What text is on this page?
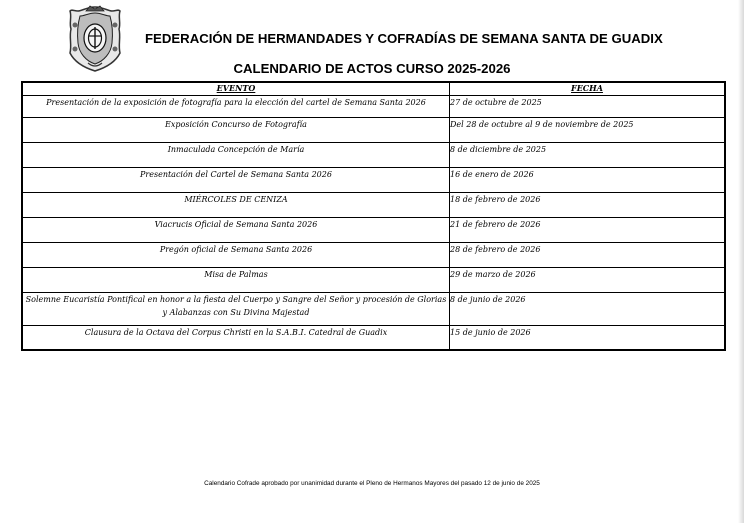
FEDERACIÓN DE HERMANDADES Y COFRADÍAS DE SEMANA SANTA DE GUADIX
CALENDARIO DE ACTOS CURSO 2025-2026
EVENTO	FECHA
Presentación de la exposición de fotografía para la elección del cartel de Semana Santa 2026	27 de octubre de 2025
Exposición Concurso de Fotografía	Del 28 de octubre al 9 de noviembre de 2025
Inmaculada Concepción de María	8 de diciembre de 2025
Presentación del Cartel de Semana Santa 2026	16 de enero de 2026
MIÉRCOLES DE CENIZA	18 de febrero de 2026
Viacrucis Oficial de Semana Santa 2026	21 de febrero de 2026
Pregón oficial de Semana Santa 2026	28 de febrero de 2026
Misa de Palmas	29 de marzo de 2026
Solemne Eucaristía Pontifical en honor a la fiesta del Cuerpo y Sangre del Señor y procesión de Glorias y Alabanzas con Su Divina Majestad	8 de junio de 2026
Clausura de la Octava del Corpus Christi en la S.A.B.I. Catedral de Guadix	15 de junio de 2026
Calendario Cofrade aprobado por unanimidad durante el Pleno de Hermanos Mayores del pasado 12 de junio de 2025
